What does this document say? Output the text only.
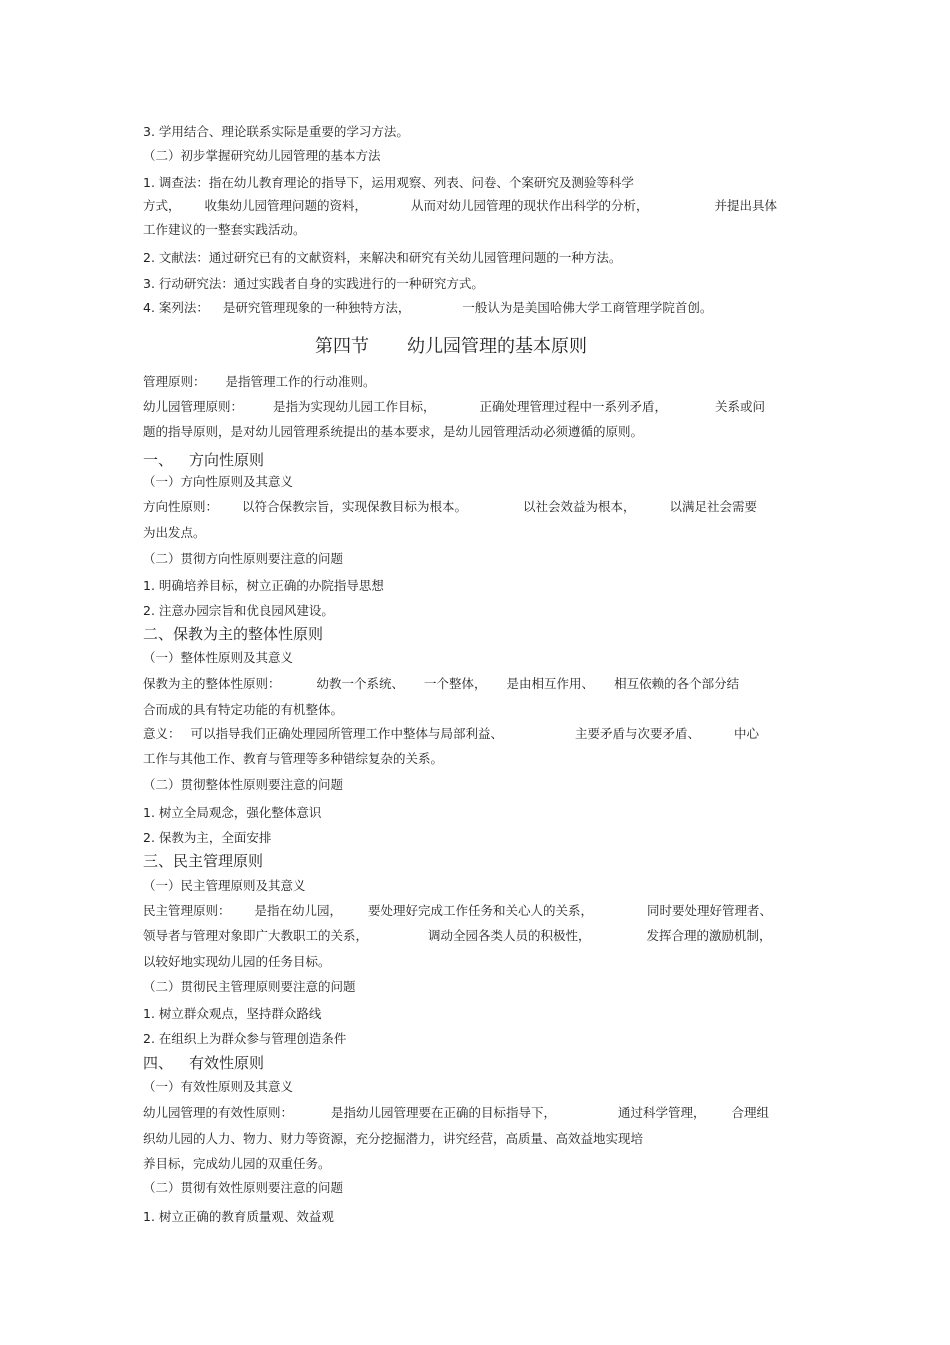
3. 学用结合、理论联系实际是重要的学习方法。
（二）初步掌握研究幼儿园管理的基本方法
1. 调查法：指在幼儿教育理论的指导下，运用观察、列表、问卷、个案研究及测验等科学
方式， 收集幼儿园管理问题的资料，	从而对幼儿园管理的现状作出科学的分析，	并提出具体
工作建议的一整套实践活动。
2. 文献法：通过研究已有的文献资料，来解决和研究有关幼儿园管理问题的一种方法。
3. 行动研究法：通过实践者自身的实践进行的一种研究方式。
4. 案列法： 是研究管理现象的一种独特方法，	一般认为是美国哈佛大学工商管理学院首创。
第四节 幼儿园管理的基本原则
管理原则： 是指管理工作的行动准则。
幼儿园管理原则： 是指为实现幼儿园工作目标，	正确处理管理过程中一系列矛盾，	关系或问
题的指导原则，是对幼儿园管理系统提出的基本要求，是幼儿园管理活动必须遵循的原则。
一、 方向性原则
（一）方向性原则及其意义
方向性原则： 以符合保教宗旨，实现保教目标为根本。	以社会效益为根本，	以满足社会需要
为出发点。
（二）贯彻方向性原则要注意的问题
1. 明确培养目标，树立正确的办院指导思想
2. 注意办园宗旨和优良园风建设。
二、保教为主的整体性原则
（一）整体性原则及其意义
保教为主的整体性原则：	幼教一个系统、 一个整体， 是由相互作用、 相互依赖的各个部分结
合而成的具有特定功能的有机整体。
意义： 可以指导我们正确处理园所管理工作中整体与局部利益、	主要矛盾与次要矛盾、	中心
工作与其他工作、教育与管理等多种错综复杂的关系。
（二）贯彻整体性原则要注意的问题
1. 树立全局观念，强化整体意识
2. 保教为主，全面安排
三、民主管理原则
（一）民主管理原则及其意义
民主管理原则： 是指在幼儿园， 要处理好完成工作任务和关心人的关系，	同时要处理好管理者、
领导者与管理对象即广大教职工的关系，	调动全园各类人员的积极性，	发挥合理的激励机制，
以较好地实现幼儿园的任务目标。
（二）贯彻民主管理原则要注意的问题
1. 树立群众观点，坚持群众路线
2. 在组织上为群众参与管理创造条件
四、 有效性原则
（一）有效性原则及其意义
幼儿园管理的有效性原则：	是指幼儿园管理要在正确的目标指导下，	通过科学管理， 合理组
织幼儿园的人力、物力、财力等资源，充分挖掘潜力，讲究经营，高质量、高效益地实现培
养目标，完成幼儿园的双重任务。
（二）贯彻有效性原则要注意的问题
1. 树立正确的教育质量观、效益观
